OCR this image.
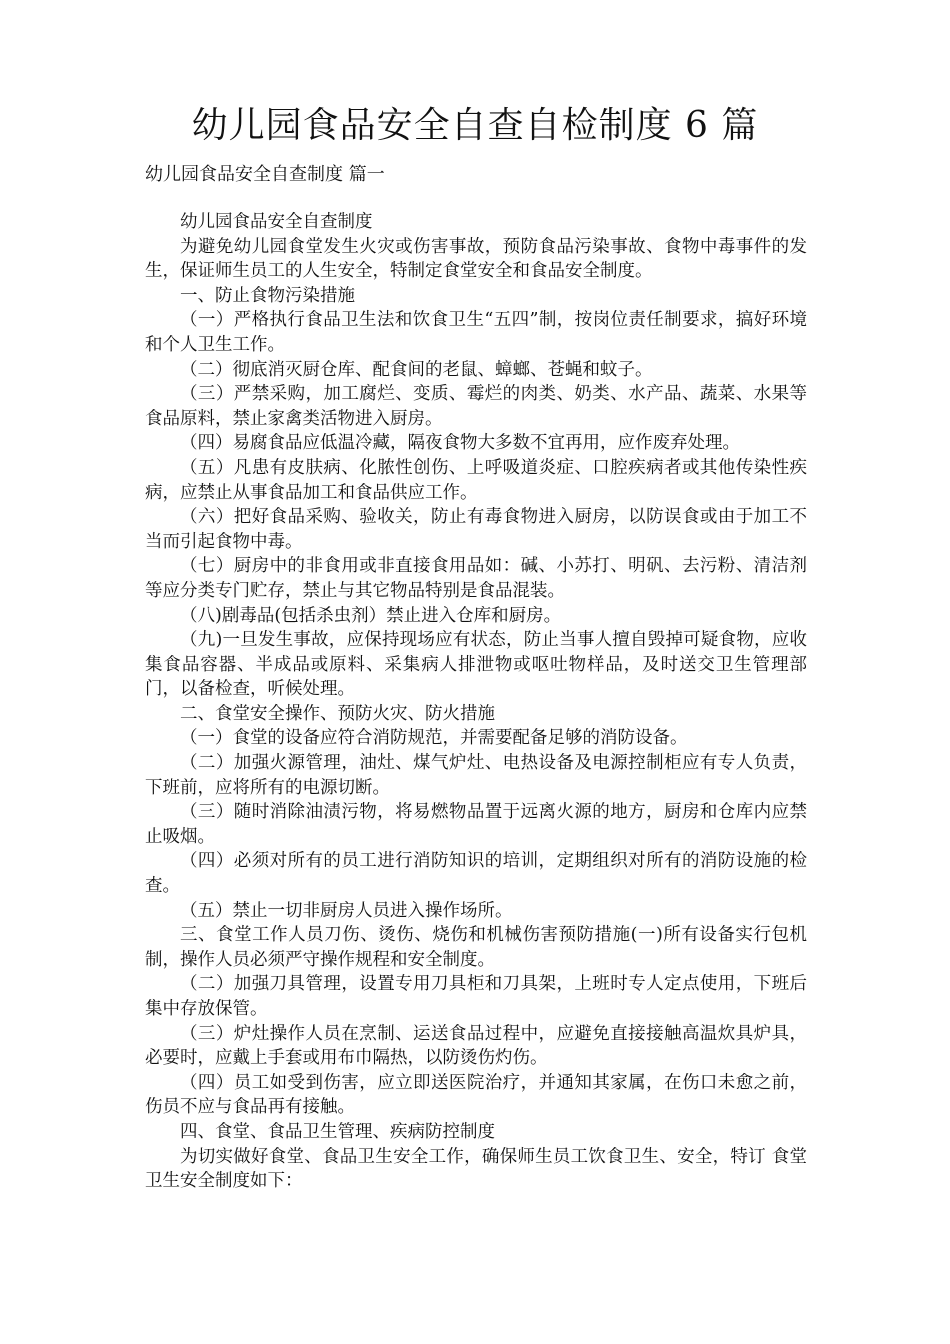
幼儿园食品安全自查自检制度 6 篇

幼儿园食品安全自查制度 篇一

幼儿园食品安全自查制度

为避免幼儿园食堂发生火灾或伤害事故，预防食品污染事故、食物中毒事件的发生，保证师生员工的人生安全，特制定食堂安全和食品安全制度。

一、防止食物污染措施

（一）严格执行食品卫生法和饮食卫生“五四”制，按岗位责任制要求，搞好环境和个人卫生工作。

（二）彻底消灭厨仓库、配食间的老鼠、蟑螂、苍蝇和蚊子。

（三）严禁采购，加工腐烂、变质、霉烂的肉类、奶类、水产品、蔬菜、水果等食品原料，禁止家禽类活物进入厨房。

（四）易腐食品应低温冷藏，隔夜食物大多数不宜再用，应作废弃处理。

（五）凡患有皮肤病、化脓性创伤、上呼吸道炎症、口腔疾病者或其他传染性疾病，应禁止从事食品加工和食品供应工作。

（六）把好食品采购、验收关，防止有毒食物进入厨房，以防误食或由于加工不当而引起食物中毒。

（七）厨房中的非食用或非直接食用品如：碱、小苏打、明矾、去污粉、清洁剂等应分类专门贮存，禁止与其它物品特别是食品混装。

（八)剧毒品(包括杀虫剂）禁止进入仓库和厨房。

（九)一旦发生事故，应保持现场应有状态，防止当事人擅自毁掉可疑食物，应收集食品容器、半成品或原料、采集病人排泄物或呕吐物样品，及时送交卫生管理部门，以备检查，听候处理。

二、食堂安全操作、预防火灾、防火措施

（一）食堂的设备应符合消防规范，并需要配备足够的消防设备。

（二）加强火源管理，油灶、煤气炉灶、电热设备及电源控制柜应有专人负责，下班前，应将所有的电源切断。

（三）随时消除油渍污物，将易燃物品置于远离火源的地方，厨房和仓库内应禁止吸烟。

（四）必须对所有的员工进行消防知识的培训，定期组织对所有的消防设施的检查。

（五）禁止一切非厨房人员进入操作场所。

三、食堂工作人员刀伤、烫伤、烧伤和机械伤害预防措施(一)所有设备实行包机制，操作人员必须严守操作规程和安全制度。

（二）加强刀具管理，设置专用刀具柜和刀具架，上班时专人定点使用，下班后集中存放保管。

（三）炉灶操作人员在烹制、运送食品过程中，应避免直接接触高温炊具炉具，必要时，应戴上手套或用布巾隔热，以防烫伤灼伤。

（四）员工如受到伤害，应立即送医院治疗，并通知其家属，在伤口未愈之前，伤员不应与食品再有接触。

四、食堂、食品卫生管理、疾病防控制度

为切实做好食堂、食品卫生安全工作，确保师生员工饮食卫生、安全，特订 食堂卫生安全制度如下：
